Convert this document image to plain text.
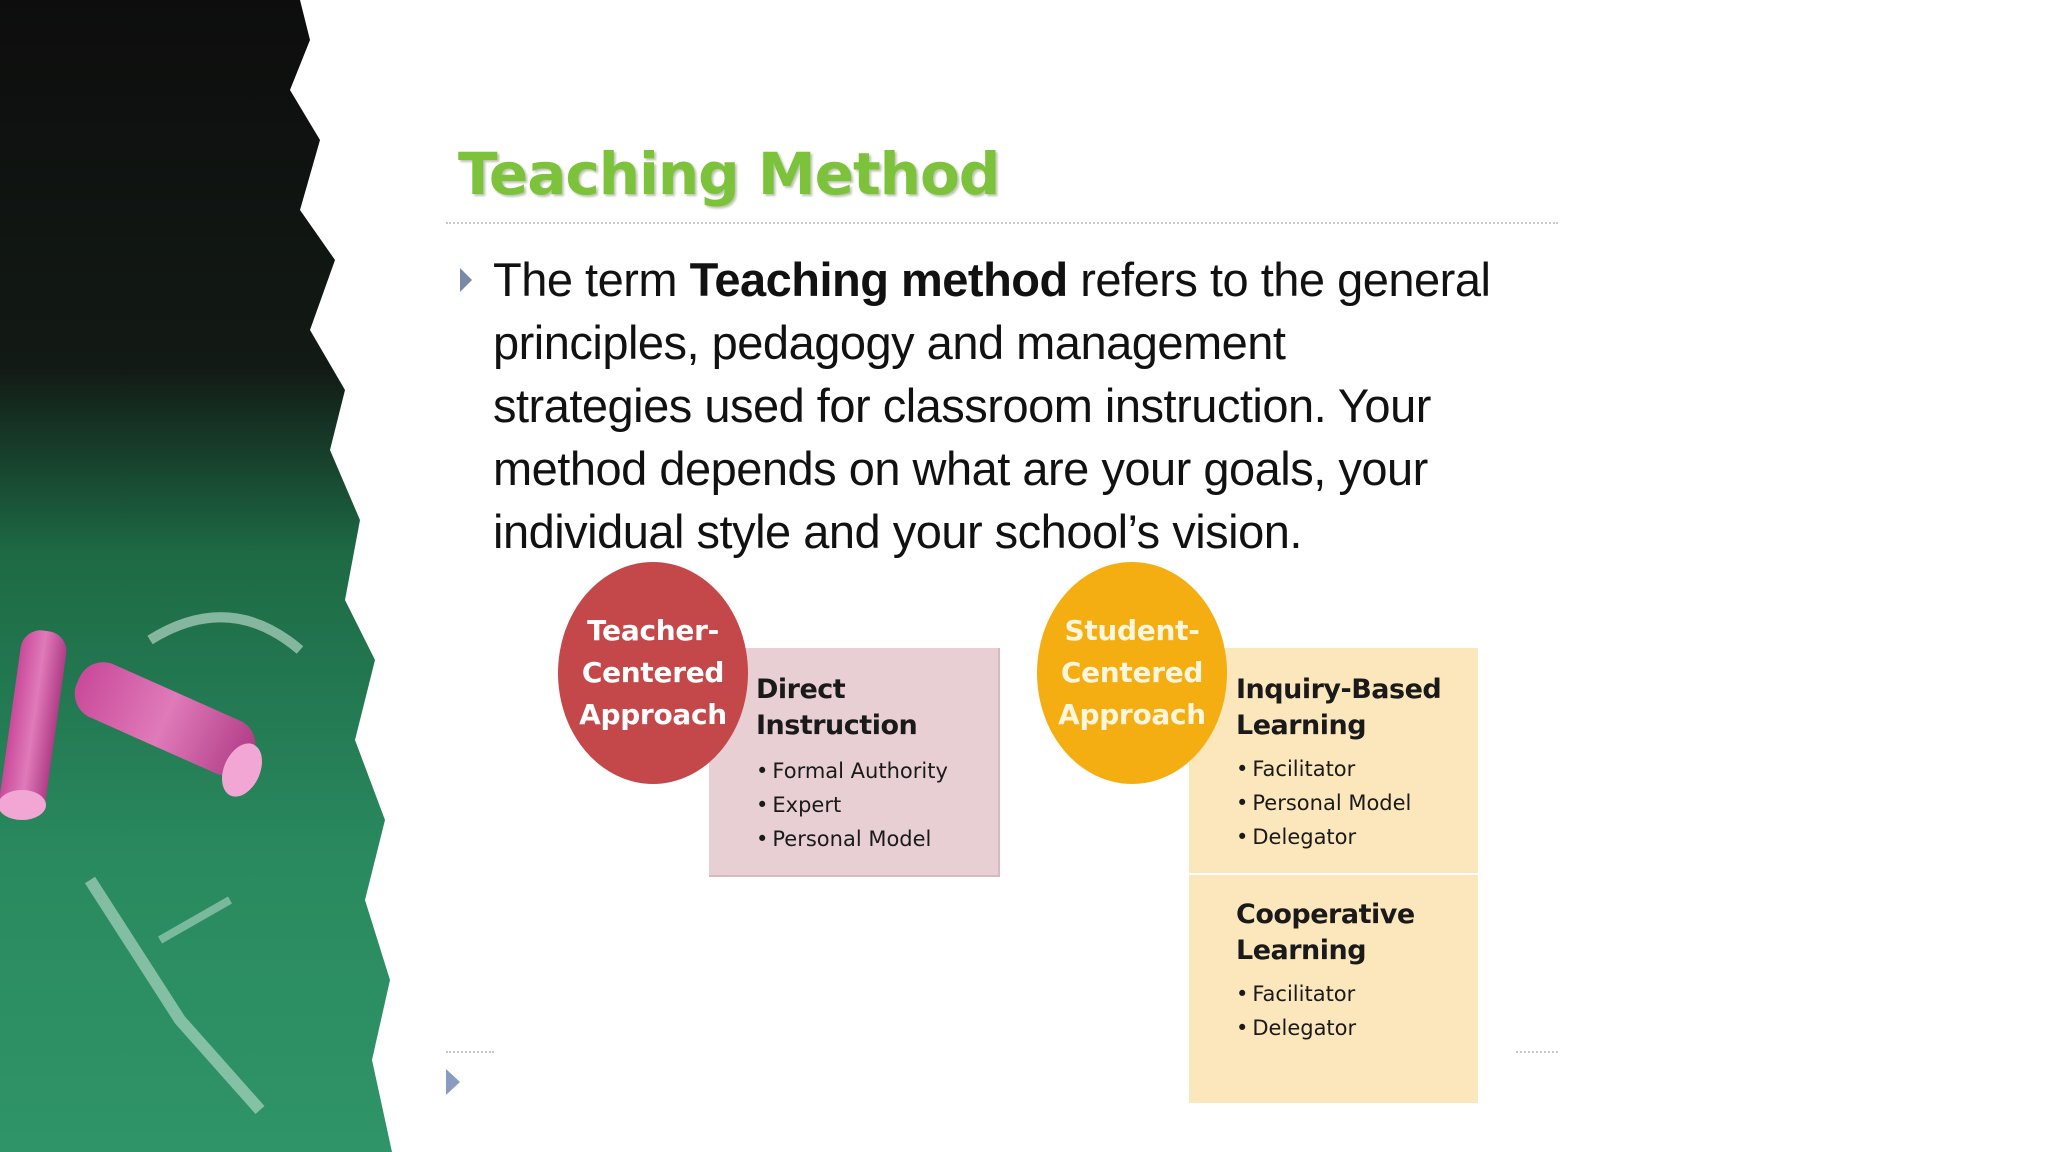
Teaching Method
The term Teaching method refers to the general principles, pedagogy and management strategies used for classroom instruction. Your method depends on what are your goals, your individual style and your school’s vision.
Direct Instruction
• Formal Authority
• Expert
• Personal Model
Teacher-
Centered
Approach
Inquiry-Based
Learning
• Facilitator
• Personal Model
• Delegator
Cooperative
Learning
• Facilitator
• Delegator
Student-
Centered
Approach
